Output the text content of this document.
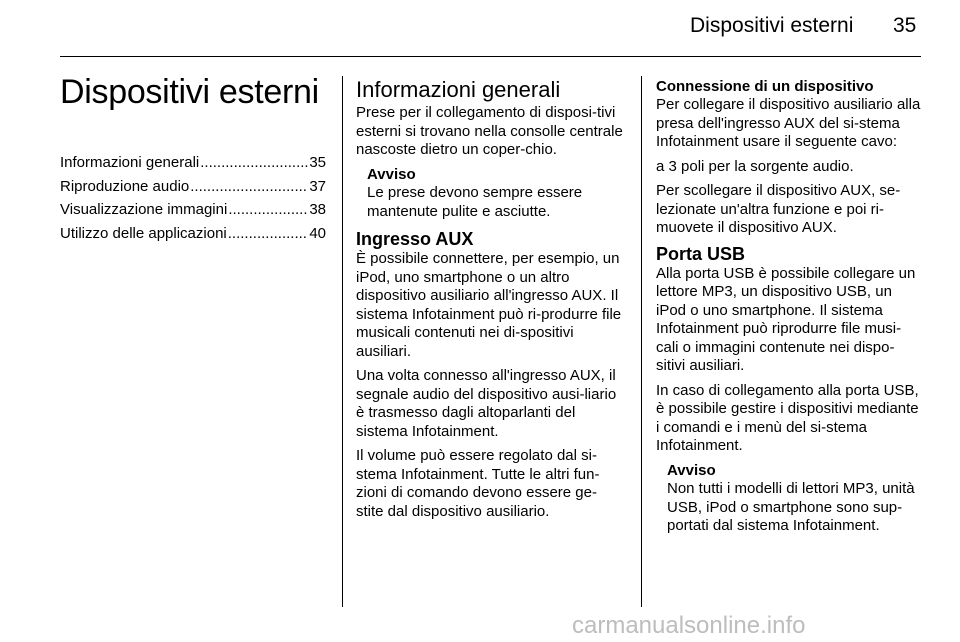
Dispositivi esterni 35
Dispositivi esterni
Informazioni generali .....	35
Riproduzione audio .....	37
Visualizzazione immagini .....	38
Utilizzo delle applicazioni .....	40
Informazioni generali

Prese per il collegamento di disposi-tivi esterni si trovano nella consolle centrale nascoste dietro un coper-chio.

Avviso
Le prese devono sempre essere mantenute pulite e asciutte.
Ingresso AUX

È possibile connettere, per esempio, un iPod, uno smartphone o un altro dispositivo ausiliario all'ingresso AUX. Il sistema Infotainment può ri-produrre file musicali contenuti nei di-spositivi ausiliari.

Una volta connesso all'ingresso AUX, il segnale audio del dispositivo ausi-liario è trasmesso dagli altoparlanti del sistema Infotainment.

Il volume può essere regolato dal si-stema Infotainment. Tutte le altri fun-zioni di comando devono essere ge-stite dal dispositivo ausiliario.

Connessione di un dispositivo

Per collegare il dispositivo ausiliario alla presa dell'ingresso AUX del si-stema Infotainment usare il seguente cavo:

a 3 poli per la sorgente audio.

Per scollegare il dispositivo AUX, se-lezionate un'altra funzione e poi ri-muovete il dispositivo AUX.

Porta USB

Alla porta USB è possibile collegare un lettore MP3, un dispositivo USB, un iPod o uno smartphone. Il sistema Infotainment può riprodurre file musi-cali o immagini contenute nei dispo-sitivi ausiliari.

In caso di collegamento alla porta USB, è possibile gestire i dispositivi mediante i comandi e i menù del si-stema Infotainment.

Avviso
Non tutti i modelli di lettori MP3, unità USB, iPod o smartphone sono sup-portati dal sistema Infotainment.
carmanualsonline.info
